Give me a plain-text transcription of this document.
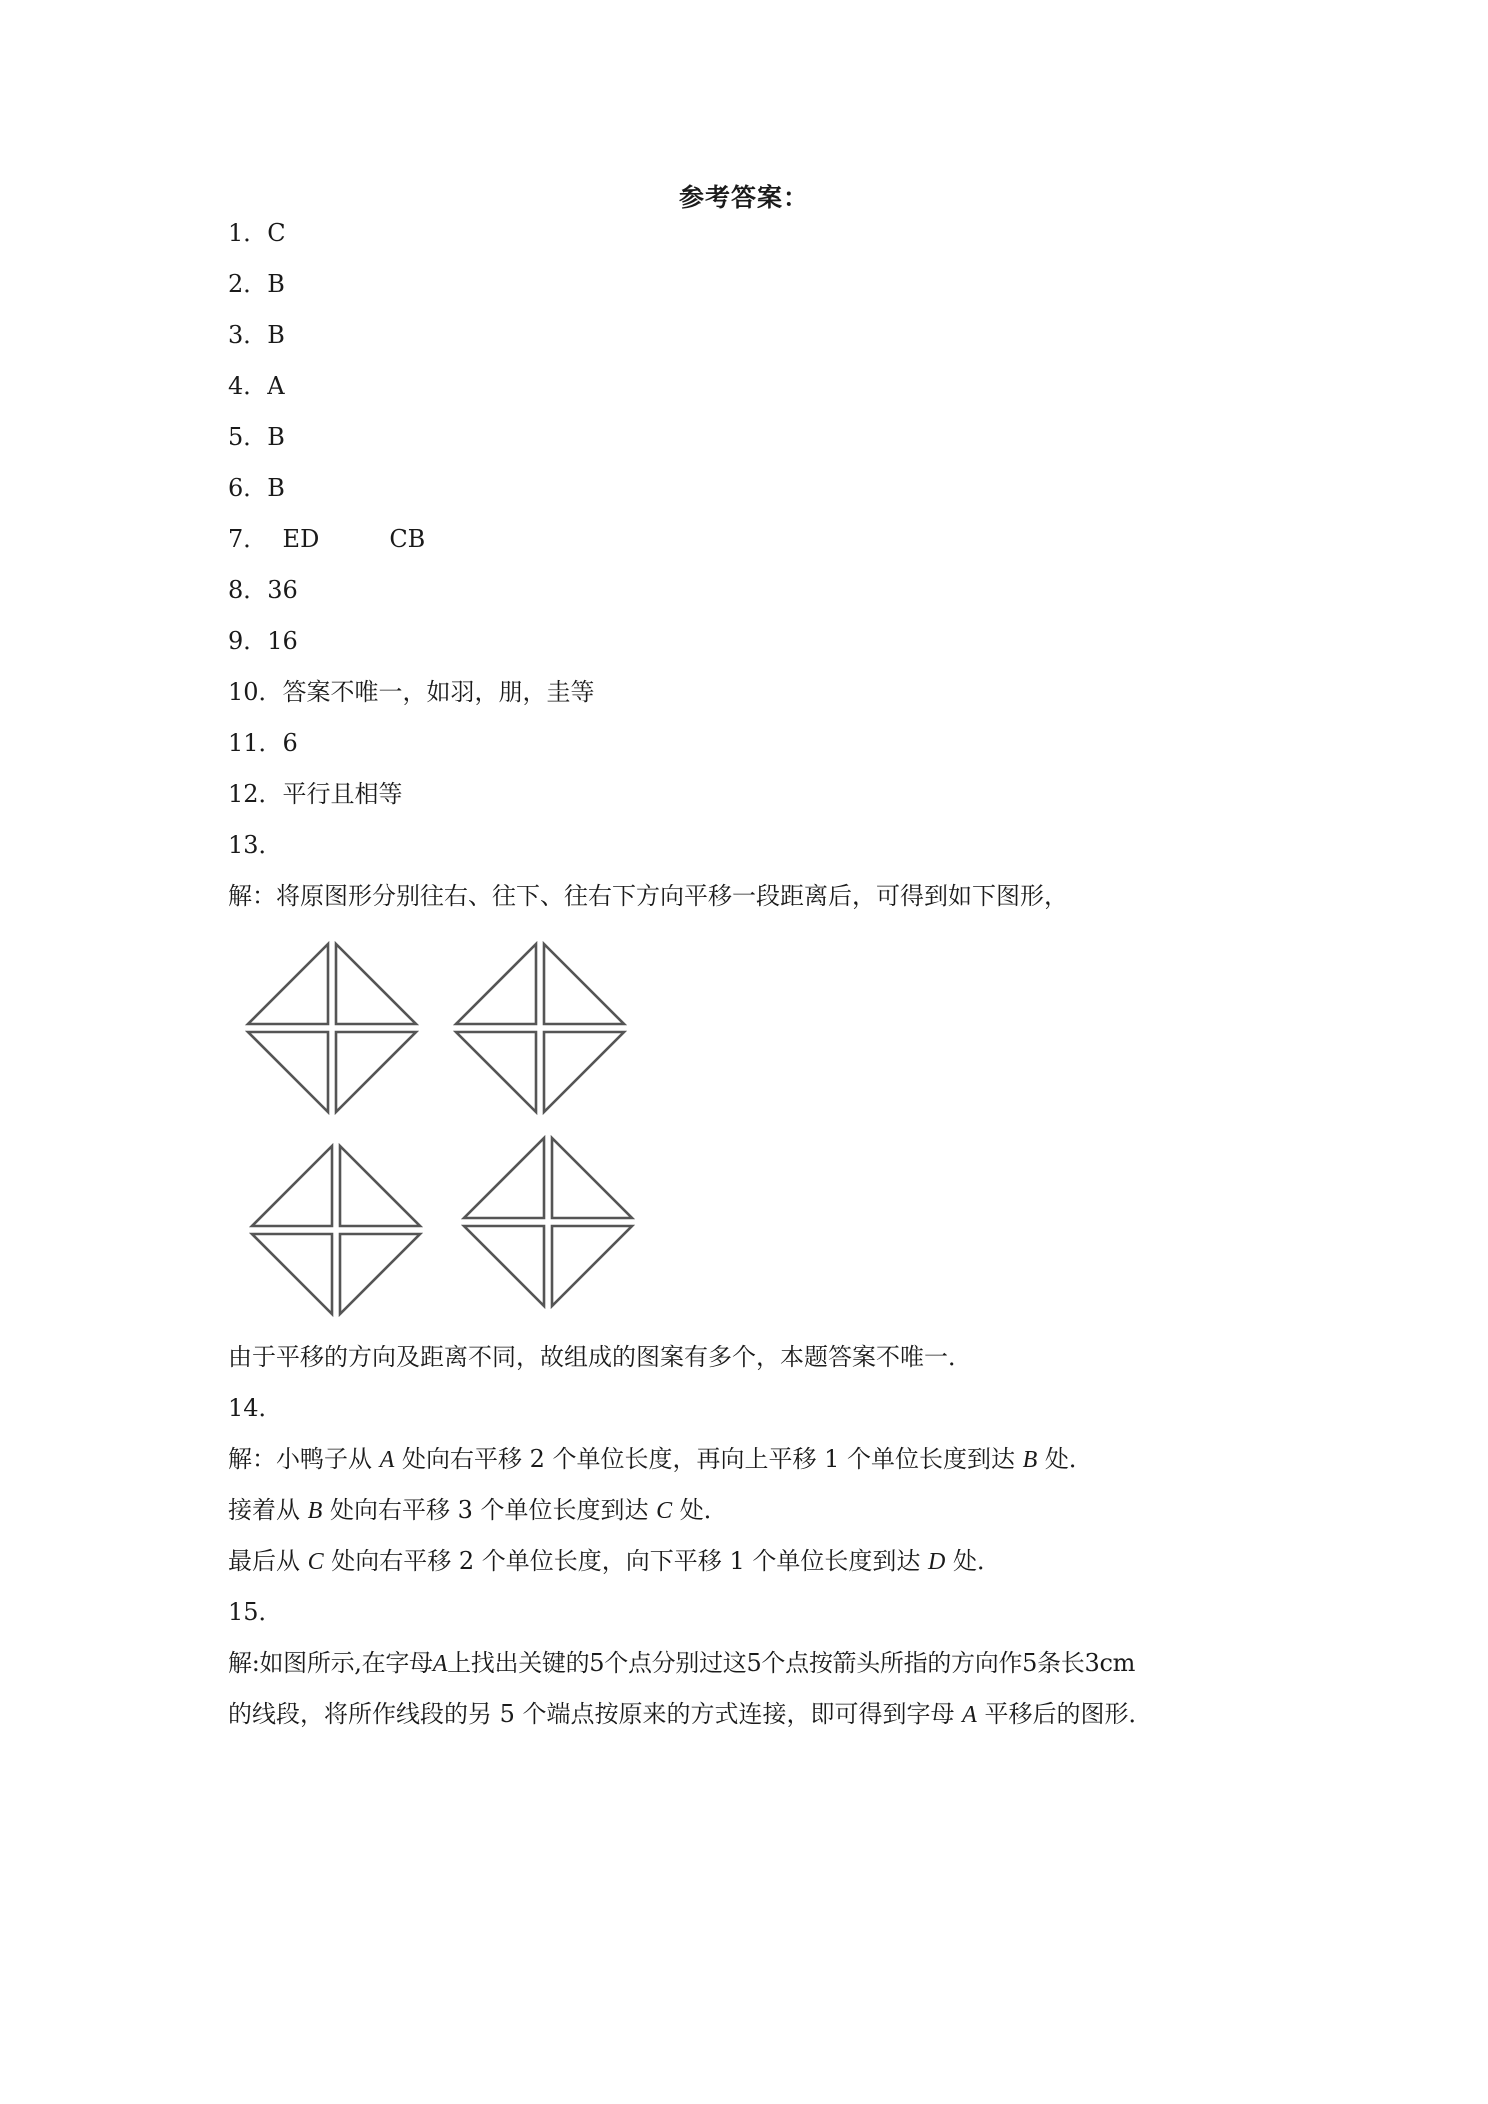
参考答案：
1．C
2．B
3．B
4．A
5．B
6．B
7． ED	CB
8．36
9．16
10．答案不唯一，如羽，朋，圭等
11．6
12．平行且相等
13．
解：将原图形分别往右、往下、往右下方向平移一段距离后，可得到如下图形，
由于平移的方向及距离不同，故组成的图案有多个，本题答案不唯一．
14．
解：小鸭子从 A 处向右平移 2 个单位长度，再向上平移 1 个单位长度到达 B 处．
接着从 B 处向右平移 3 个单位长度到达 C 处．
最后从 C 处向右平移 2 个单位长度，向下平移 1 个单位长度到达 D 处．
15．
解:如图所示,在字母A上找出关键的5个点分别过这5个点按箭头所指的方向作5条长3cm
的线段，将所作线段的另 5 个端点按原来的方式连接，即可得到字母 A 平移后的图形．
